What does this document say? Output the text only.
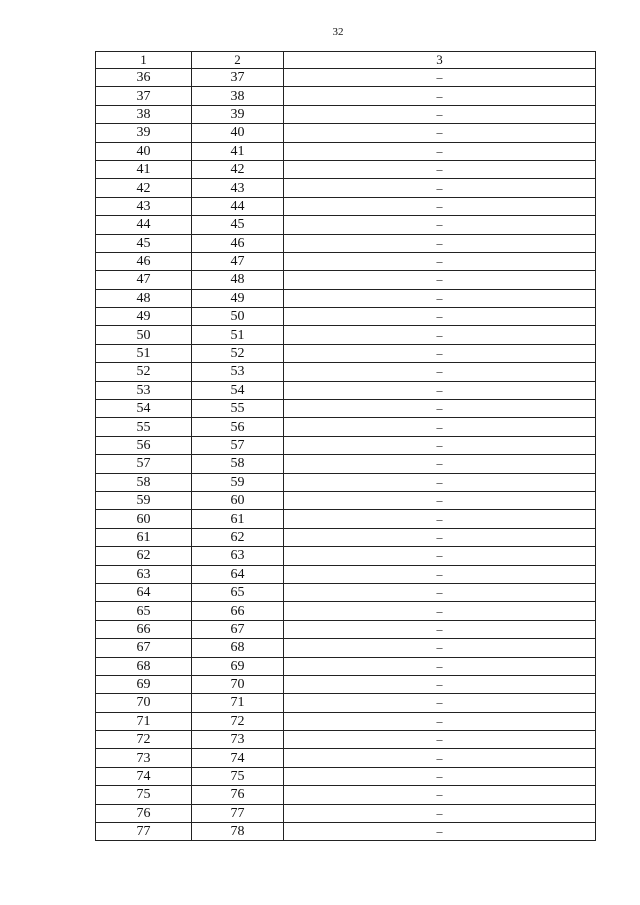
32
1	2	3
36	37	–
37	38	–
38	39	–
39	40	–
40	41	–
41	42	–
42	43	–
43	44	–
44	45	–
45	46	–
46	47	–
47	48	–
48	49	–
49	50	–
50	51	–
51	52	–
52	53	–
53	54	–
54	55	–
55	56	–
56	57	–
57	58	–
58	59	–
59	60	–
60	61	–
61	62	–
62	63	–
63	64	–
64	65	–
65	66	–
66	67	–
67	68	–
68	69	–
69	70	–
70	71	–
71	72	–
72	73	–
73	74	–
74	75	–
75	76	–
76	77	–
77	78	–
